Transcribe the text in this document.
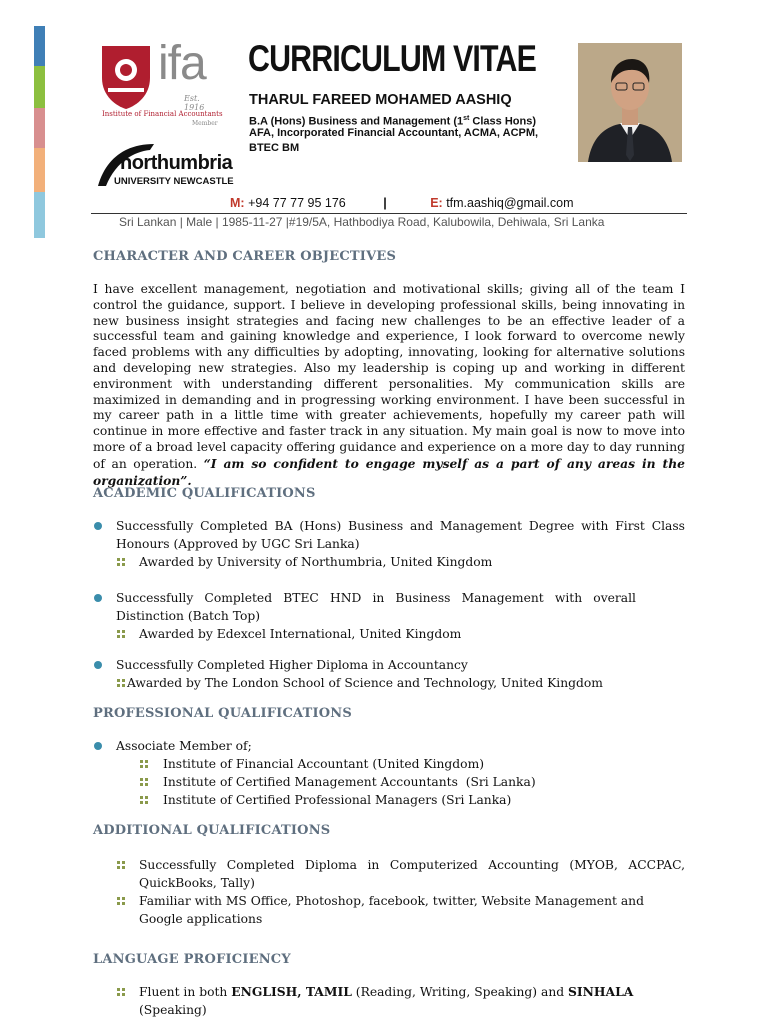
ifa
Est. 1916
Institute of Financial Accountants
Member
northumbria
UNIVERSITY NEWCASTLE
CURRICULUM VITAE
THARUL FAREED MOHAMED AASHIQ
B.A (Hons) Business and Management (1st Class Hons)
AFA, Incorporated Financial Accountant, ACMA, ACPM,
BTEC BM
M: +94 77 77 95 176	|	E: tfm.aashiq@gmail.com
Sri Lankan | Male | 1985-11-27 |#19/5A, Hathbodiya Road, Kalubowila, Dehiwala, Sri Lanka
CHARACTER AND CAREER OBJECTIVES
I have excellent management, negotiation and motivational skills; giving all of the team I control the guidance, support. I believe in developing professional skills, being innovating in new business insight strategies and facing new challenges to be an effective leader of a successful team and gaining knowledge and experience, I look forward to overcome newly faced problems with any difficulties by adopting, innovating, looking for alternative solutions and developing new strategies. Also my leadership is coping up and working in different environment with understanding different personalities. My communication skills are maximized in demanding and in progressing working environment. I have been successful in my career path in a little time with greater achievements, hopefully my career path will continue in more effective and faster track in any situation. My main goal is now to move into more of a broad level capacity offering guidance and experience on a more day to day running of an operation. “I am so confident to engage myself as a part of any areas in the organization”.
ACADEMIC QUALIFICATIONS
Successfully Completed BA (Hons) Business and Management Degree with First Class Honours (Approved by UGC Sri Lanka)
Awarded by University of Northumbria, United Kingdom
Successfully Completed BTEC HND in Business Management with overall Distinction (Batch Top)
Awarded by Edexcel International, United Kingdom
Successfully Completed Higher Diploma in Accountancy
Awarded by The London School of Science and Technology, United Kingdom
PROFESSIONAL QUALIFICATIONS
Associate Member of;
Institute of Financial Accountant (United Kingdom)
Institute of Certified Management Accountants  (Sri Lanka)
Institute of Certified Professional Managers (Sri Lanka)
ADDITIONAL QUALIFICATIONS
Successfully Completed Diploma in Computerized Accounting (MYOB, ACCPAC, QuickBooks, Tally)
Familiar with MS Office, Photoshop, facebook, twitter, Website Management and Google applications
LANGUAGE PROFICIENCY
Fluent in both ENGLISH, TAMIL (Reading, Writing, Speaking) and SINHALA (Speaking)
